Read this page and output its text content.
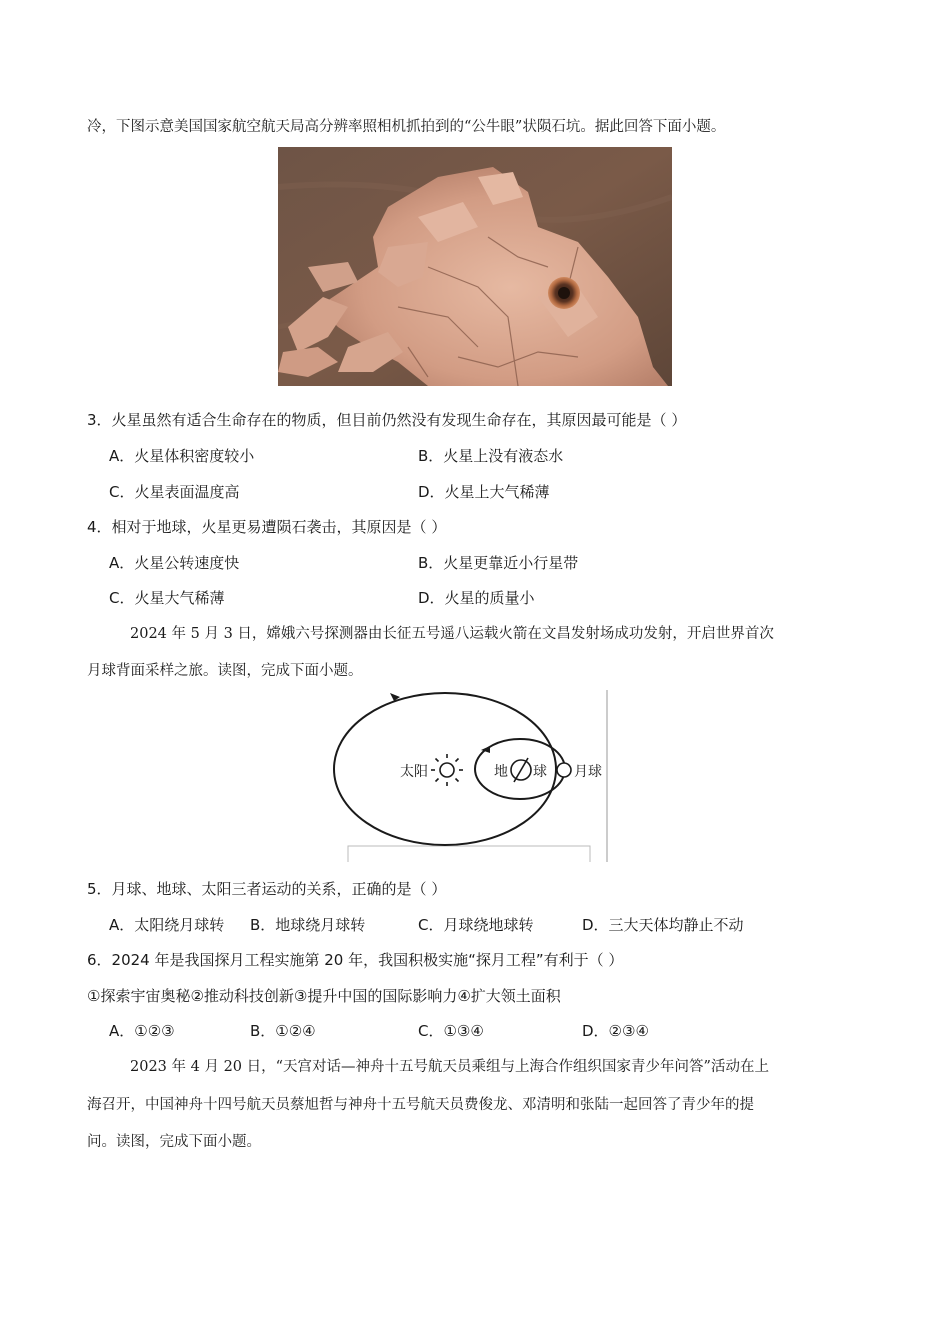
冷，下图示意美国国家航空航天局高分辨率照相机抓拍到的“公牛眼”状陨石坑。据此回答下面小题。
3．火星虽然有适合生命存在的物质，但目前仍然没有发现生命存在，其原因最可能是（ ）
A．火星体积密度较小	B．火星上没有液态水
C．火星表面温度高	D．火星上大气稀薄
4．相对于地球，火星更易遭陨石袭击，其原因是（ ）
A．火星公转速度快	B．火星更靠近小行星带
C．火星大气稀薄	D．火星的质量小
2024 年 5 月 3 日，嫦娥六号探测器由长征五号遥八运载火箭在文昌发射场成功发射，开启世界首次
月球背面采样之旅。读图，完成下面小题。
太阳	地 球 月球
5．月球、地球、太阳三者运动的关系，正确的是（ ）
A．太阳绕月球转 B．地球绕月球转	C．月球绕地球转	D．三大天体均静止不动
6．2024 年是我国探月工程实施第 20 年，我国积极实施“探月工程”有利于（ ）
①探索宇宙奥秘②推动科技创新③提升中国的国际影响力④扩大领土面积
A．①②③	B．①②④	C．①③④	D．②③④
2023 年 4 月 20 日，“天宫对话—神舟十五号航天员乘组与上海合作组织国家青少年问答”活动在上
海召开，中国神舟十四号航天员蔡旭哲与神舟十五号航天员费俊龙、邓清明和张陆一起回答了青少年的提
问。读图，完成下面小题。
